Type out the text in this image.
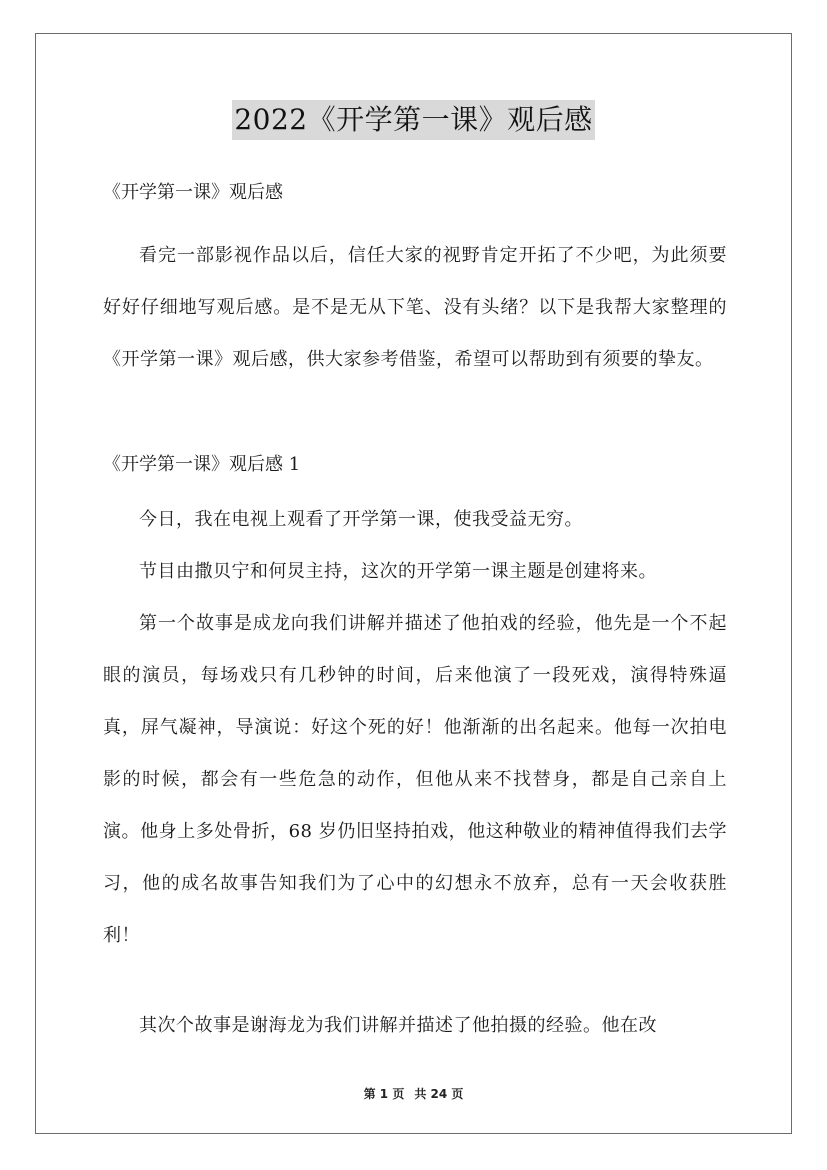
2022《开学第一课》观后感
《开学第一课》观后感

看完一部影视作品以后，信任大家的视野肯定开拓了不少吧，为此须要好好仔细地写观后感。是不是无从下笔、没有头绪？以下是我帮大家整理的《开学第一课》观后感，供大家参考借鉴，希望可以帮助到有须要的挚友。

《开学第一课》观后感 1

今日，我在电视上观看了开学第一课，使我受益无穷。

节目由撒贝宁和何炅主持，这次的开学第一课主题是创建将来。

第一个故事是成龙向我们讲解并描述了他拍戏的经验，他先是一个不起眼的演员，每场戏只有几秒钟的时间，后来他演了一段死戏，演得特殊逼真，屏气凝神，导演说：好这个死的好！他渐渐的出名起来。他每一次拍电影的时候，都会有一些危急的动作，但他从来不找替身，都是自己亲自上演。他身上多处骨折，68 岁仍旧坚持拍戏，他这种敬业的精神值得我们去学习，他的成名故事告知我们为了心中的幻想永不放弃，总有一天会收获胜利！

其次个故事是谢海龙为我们讲解并描述了他拍摄的经验。他在改

第 1 页 共 24 页
